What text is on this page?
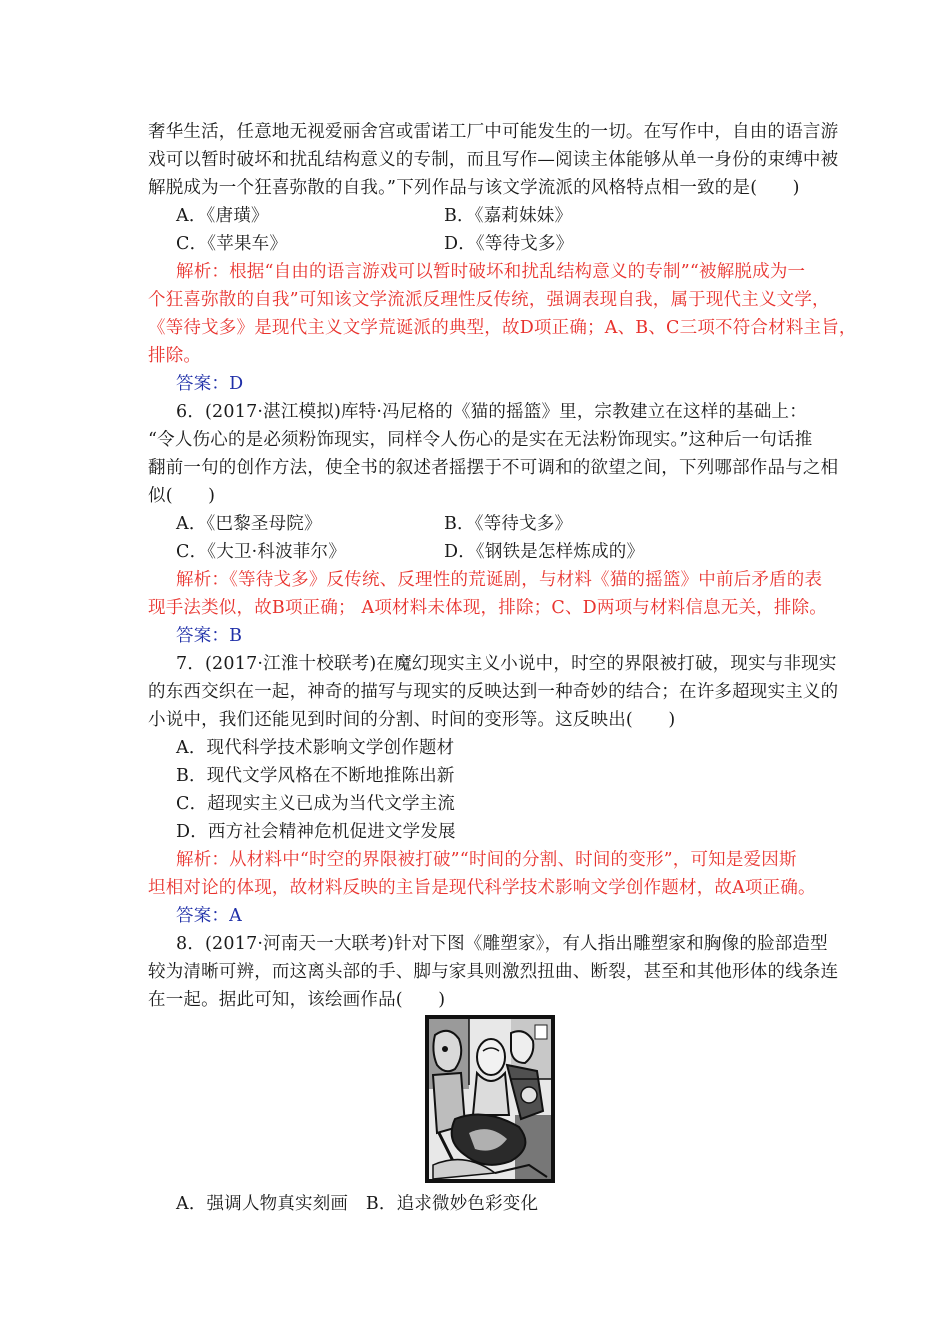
奢华生活，任意地无视爱丽舍宫或雷诺工厂中可能发生的一切。在写作中，自由的语言游
戏可以暂时破坏和扰乱结构意义的专制，而且写作—阅读主体能够从单一身份的束缚中被
解脱成为一个狂喜弥散的自我。”下列作品与该文学流派的风格特点相一致的是(　　)
A．《唐璜》	B．《嘉莉妹妹》
C．《苹果车》	D．《等待戈多》
解析：根据“自由的语言游戏可以暂时破坏和扰乱结构意义的专制”“被解脱成为一
个狂喜弥散的自我”可知该文学流派反理性反传统，强调表现自我，属于现代主义文学，
《等待戈多》是现代主义文学荒诞派的典型，故D项正确；A、B、C三项不符合材料主旨，
排除。
答案：D
6．(2017·湛江模拟)库特·冯尼格的《猫的摇篮》里，宗教建立在这样的基础上：
“令人伤心的是必须粉饰现实，同样令人伤心的是实在无法粉饰现实。”这种后一句话推
翻前一句的创作方法，使全书的叙述者摇摆于不可调和的欲望之间，下列哪部作品与之相
似(　　)
A．《巴黎圣母院》	B．《等待戈多》
C．《大卫·科波菲尔》	D．《钢铁是怎样炼成的》
解析：《等待戈多》反传统、反理性的荒诞剧，与材料《猫的摇篮》中前后矛盾的表
现手法类似，故B项正确； A项材料未体现，排除；C、D两项与材料信息无关，排除。
答案：B
7．(2017·江淮十校联考)在魔幻现实主义小说中，时空的界限被打破，现实与非现实
的东西交织在一起，神奇的描写与现实的反映达到一种奇妙的结合；在许多超现实主义的
小说中，我们还能见到时间的分割、时间的变形等。这反映出(　　)
A．现代科学技术影响文学创作题材
B．现代文学风格在不断地推陈出新
C．超现实主义已成为当代文学主流
D．西方社会精神危机促进文学发展
解析：从材料中“时空的界限被打破”“时间的分割、时间的变形”，可知是爱因斯
坦相对论的体现，故材料反映的主旨是现代科学技术影响文学创作题材，故A项正确。
答案：A
8．(2017·河南天一大联考)针对下图《雕塑家》，有人指出雕塑家和胸像的脸部造型
较为清晰可辨，而这离头部的手、脚与家具则激烈扭曲、断裂，甚至和其他形体的线条连
在一起。据此可知，该绘画作品(　　)
A．强调人物真实刻画　B．追求微妙色彩变化
